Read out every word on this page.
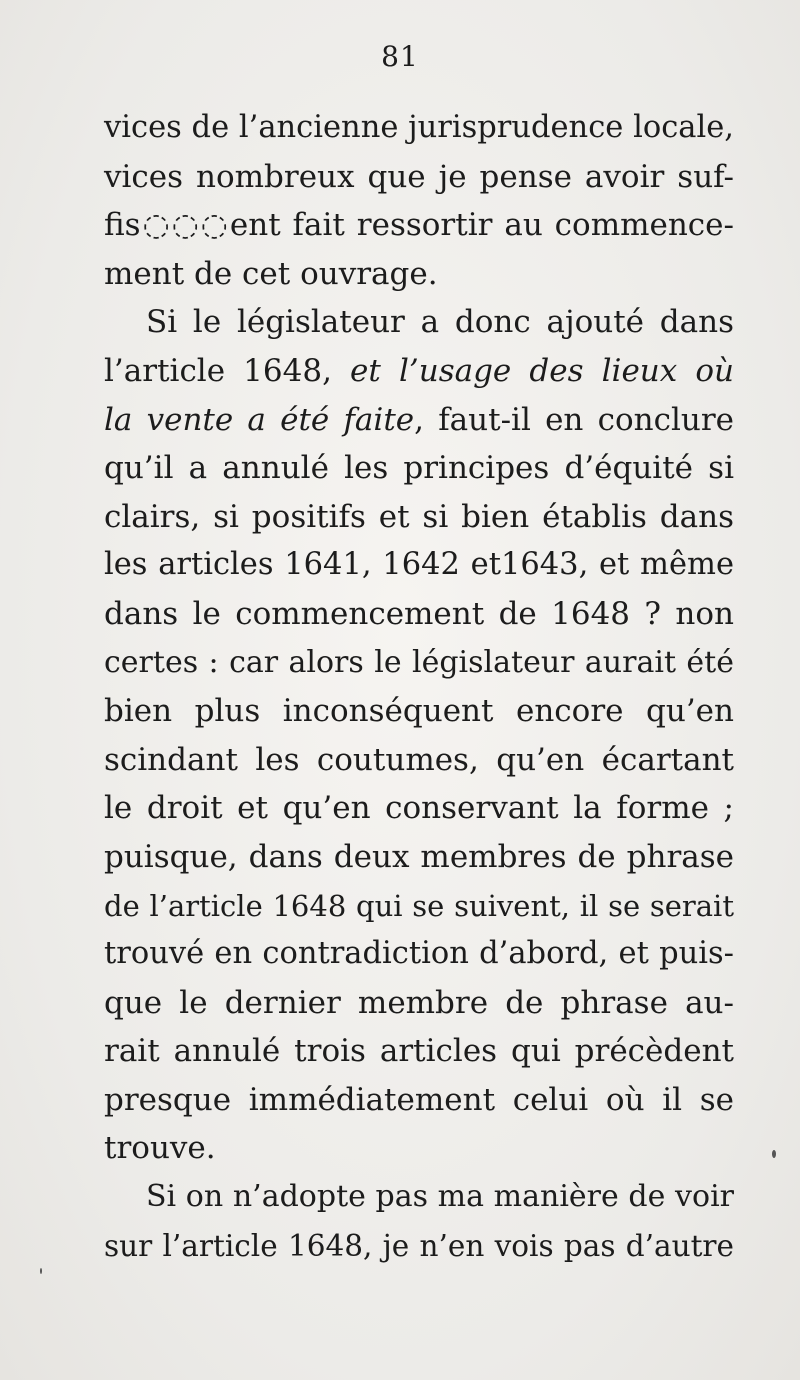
81
vices de l’ancienne jurisprudence locale,
vices nombreux que je pense avoir suf-
fis◌◌◌ent fait ressortir au commence-
ment de cet ouvrage.
Si le législateur a donc ajouté dans
l’article 1648, et l’usage des lieux où
la vente a été faite, faut-il en conclure
qu’il a annulé les principes d’équité si
clairs, si positifs et si bien établis dans
les articles 1641, 1642 et1643, et même
dans le commencement de 1648 ? non
certes : car alors le législateur aurait été
bien plus inconséquent encore qu’en
scindant les coutumes, qu’en écartant
le droit et qu’en conservant la forme ;
puisque, dans deux membres de phrase
de l’article 1648 qui se suivent, il se serait
trouvé en contradiction d’abord, et puis-
que le dernier membre de phrase au-
rait annulé trois articles qui précèdent
presque immédiatement celui où il se
trouve.
Si on n’adopte pas ma manière de voir
sur l’article 1648, je n’en vois pas d’autre
